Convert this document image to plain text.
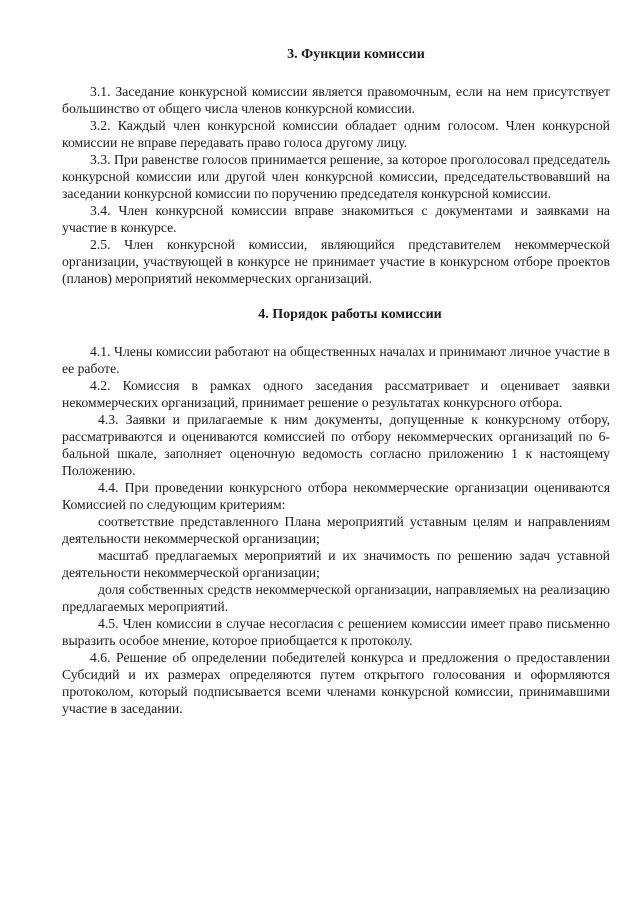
3. Функции комиссии

3.1. Заседание конкурсной комиссии является правомочным, если на нем присутствует большинство от общего числа членов конкурсной комиссии.

3.2. Каждый член конкурсной комиссии обладает одним голосом. Член конкурсной комиссии не вправе передавать право голоса другому лицу.

3.3. При равенстве голосов принимается решение, за которое проголосовал председатель конкурсной комиссии или другой член конкурсной комиссии, председательствовавший на заседании конкурсной комиссии по поручению председателя конкурсной комиссии.

3.4. Член конкурсной комиссии вправе знакомиться с документами и заявками на участие в конкурсе.

2.5. Член конкурсной комиссии, являющийся представителем некоммерческой организации, участвующей в конкурсе не принимает участие в конкурсном отборе проектов (планов) мероприятий некоммерческих организаций.

4. Порядок работы комиссии

4.1. Члены комиссии работают на общественных началах и принимают личное участие в ее работе.

4.2. Комиссия в рамках одного заседания рассматривает и оценивает заявки некоммерческих организаций, принимает решение о результатах конкурсного отбора.

4.3. Заявки и прилагаемые к ним документы, допущенные к конкурсному отбору, рассматриваются и оцениваются комиссией по отбору некоммерческих организаций по 6-бальной шкале, заполняет оценочную ведомость согласно приложению 1 к настоящему Положению.

4.4. При проведении конкурсного отбора некоммерческие организации оцениваются Комиссией по следующим критериям:

соответствие представленного Плана мероприятий уставным целям и направлениям деятельности некоммерческой организации;

масштаб предлагаемых мероприятий и их значимость по решению задач уставной деятельности некоммерческой организации;

доля собственных средств некоммерческой организации, направляемых на реализацию предлагаемых мероприятий.

4.5. Член комиссии в случае несогласия с решением комиссии имеет право письменно выразить особое мнение, которое приобщается к протоколу.

4.6. Решение об определении победителей конкурса и предложения о предоставлении Субсидий и их размерах определяются путем открытого голосования и оформляются протоколом, который подписывается всеми членами конкурсной комиссии, принимавшими участие в заседании.
